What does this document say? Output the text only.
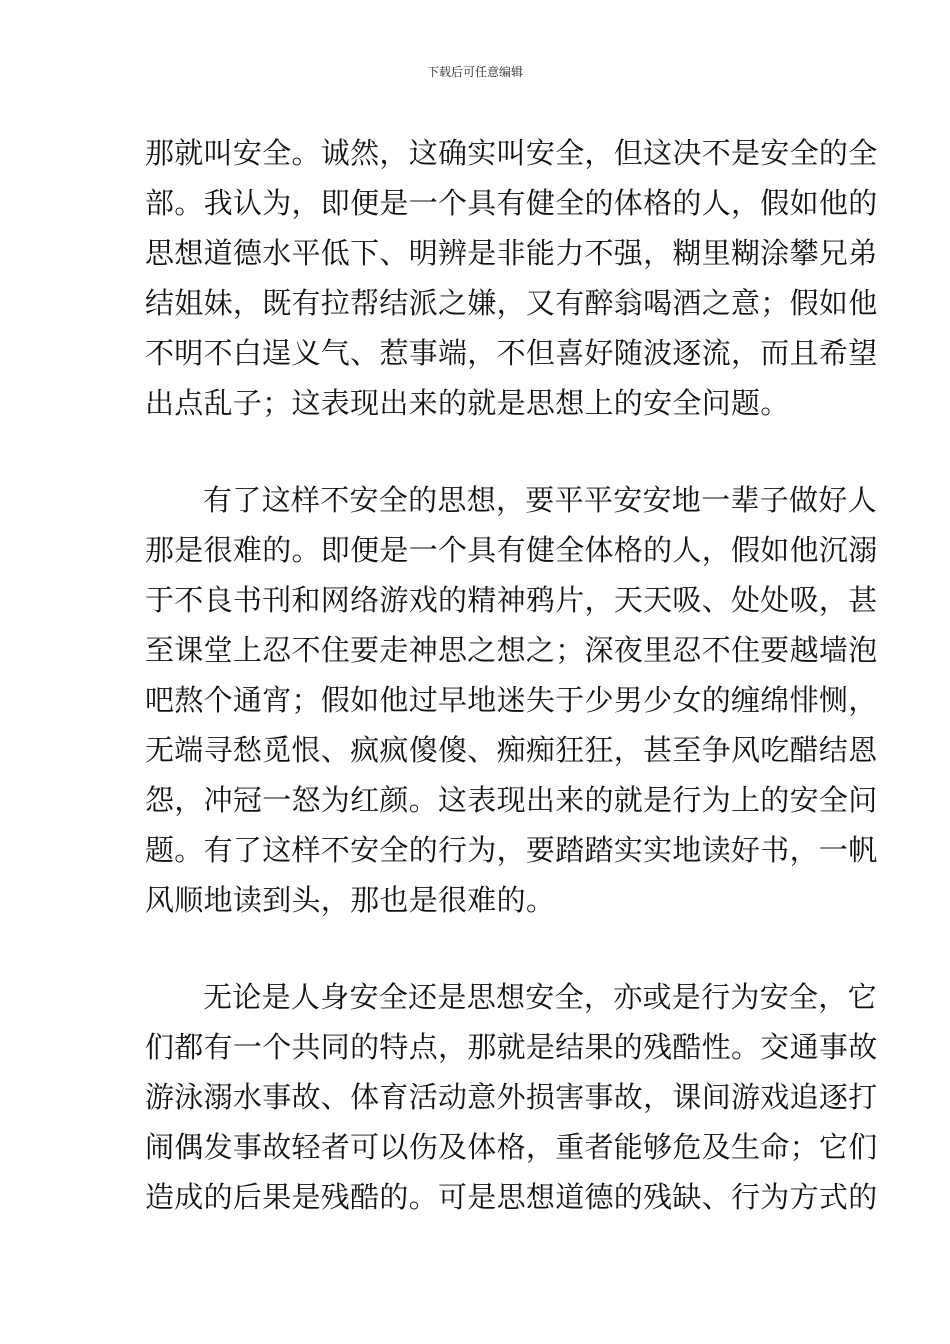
下载后可任意编辑
那就叫安全。诚然，这确实叫安全，但这决不是安全的全
部。我认为，即便是一个具有健全的体格的人，假如他的
思想道德水平低下、明辨是非能力不强，糊里糊涂攀兄弟
结姐妹，既有拉帮结派之嫌，又有醉翁喝酒之意；假如他
不明不白逞义气、惹事端，不但喜好随波逐流，而且希望
出点乱子；这表现出来的就是思想上的安全问题。
有了这样不安全的思想，要平平安安地一辈子做好人
那是很难的。即便是一个具有健全体格的人，假如他沉溺
于不良书刊和网络游戏的精神鸦片，天天吸、处处吸，甚
至课堂上忍不住要走神思之想之；深夜里忍不住要越墙泡
吧熬个通宵；假如他过早地迷失于少男少女的缠绵悱恻，
无端寻愁觅恨、疯疯傻傻、痴痴狂狂，甚至争风吃醋结恩
怨，冲冠一怒为红颜。这表现出来的就是行为上的安全问
题。有了这样不安全的行为，要踏踏实实地读好书，一帆
风顺地读到头，那也是很难的。
无论是人身安全还是思想安全，亦或是行为安全，它
们都有一个共同的特点，那就是结果的残酷性。交通事故
游泳溺水事故、体育活动意外损害事故，课间游戏追逐打
闹偶发事故轻者可以伤及体格，重者能够危及生命；它们
造成的后果是残酷的。可是思想道德的残缺、行为方式的
